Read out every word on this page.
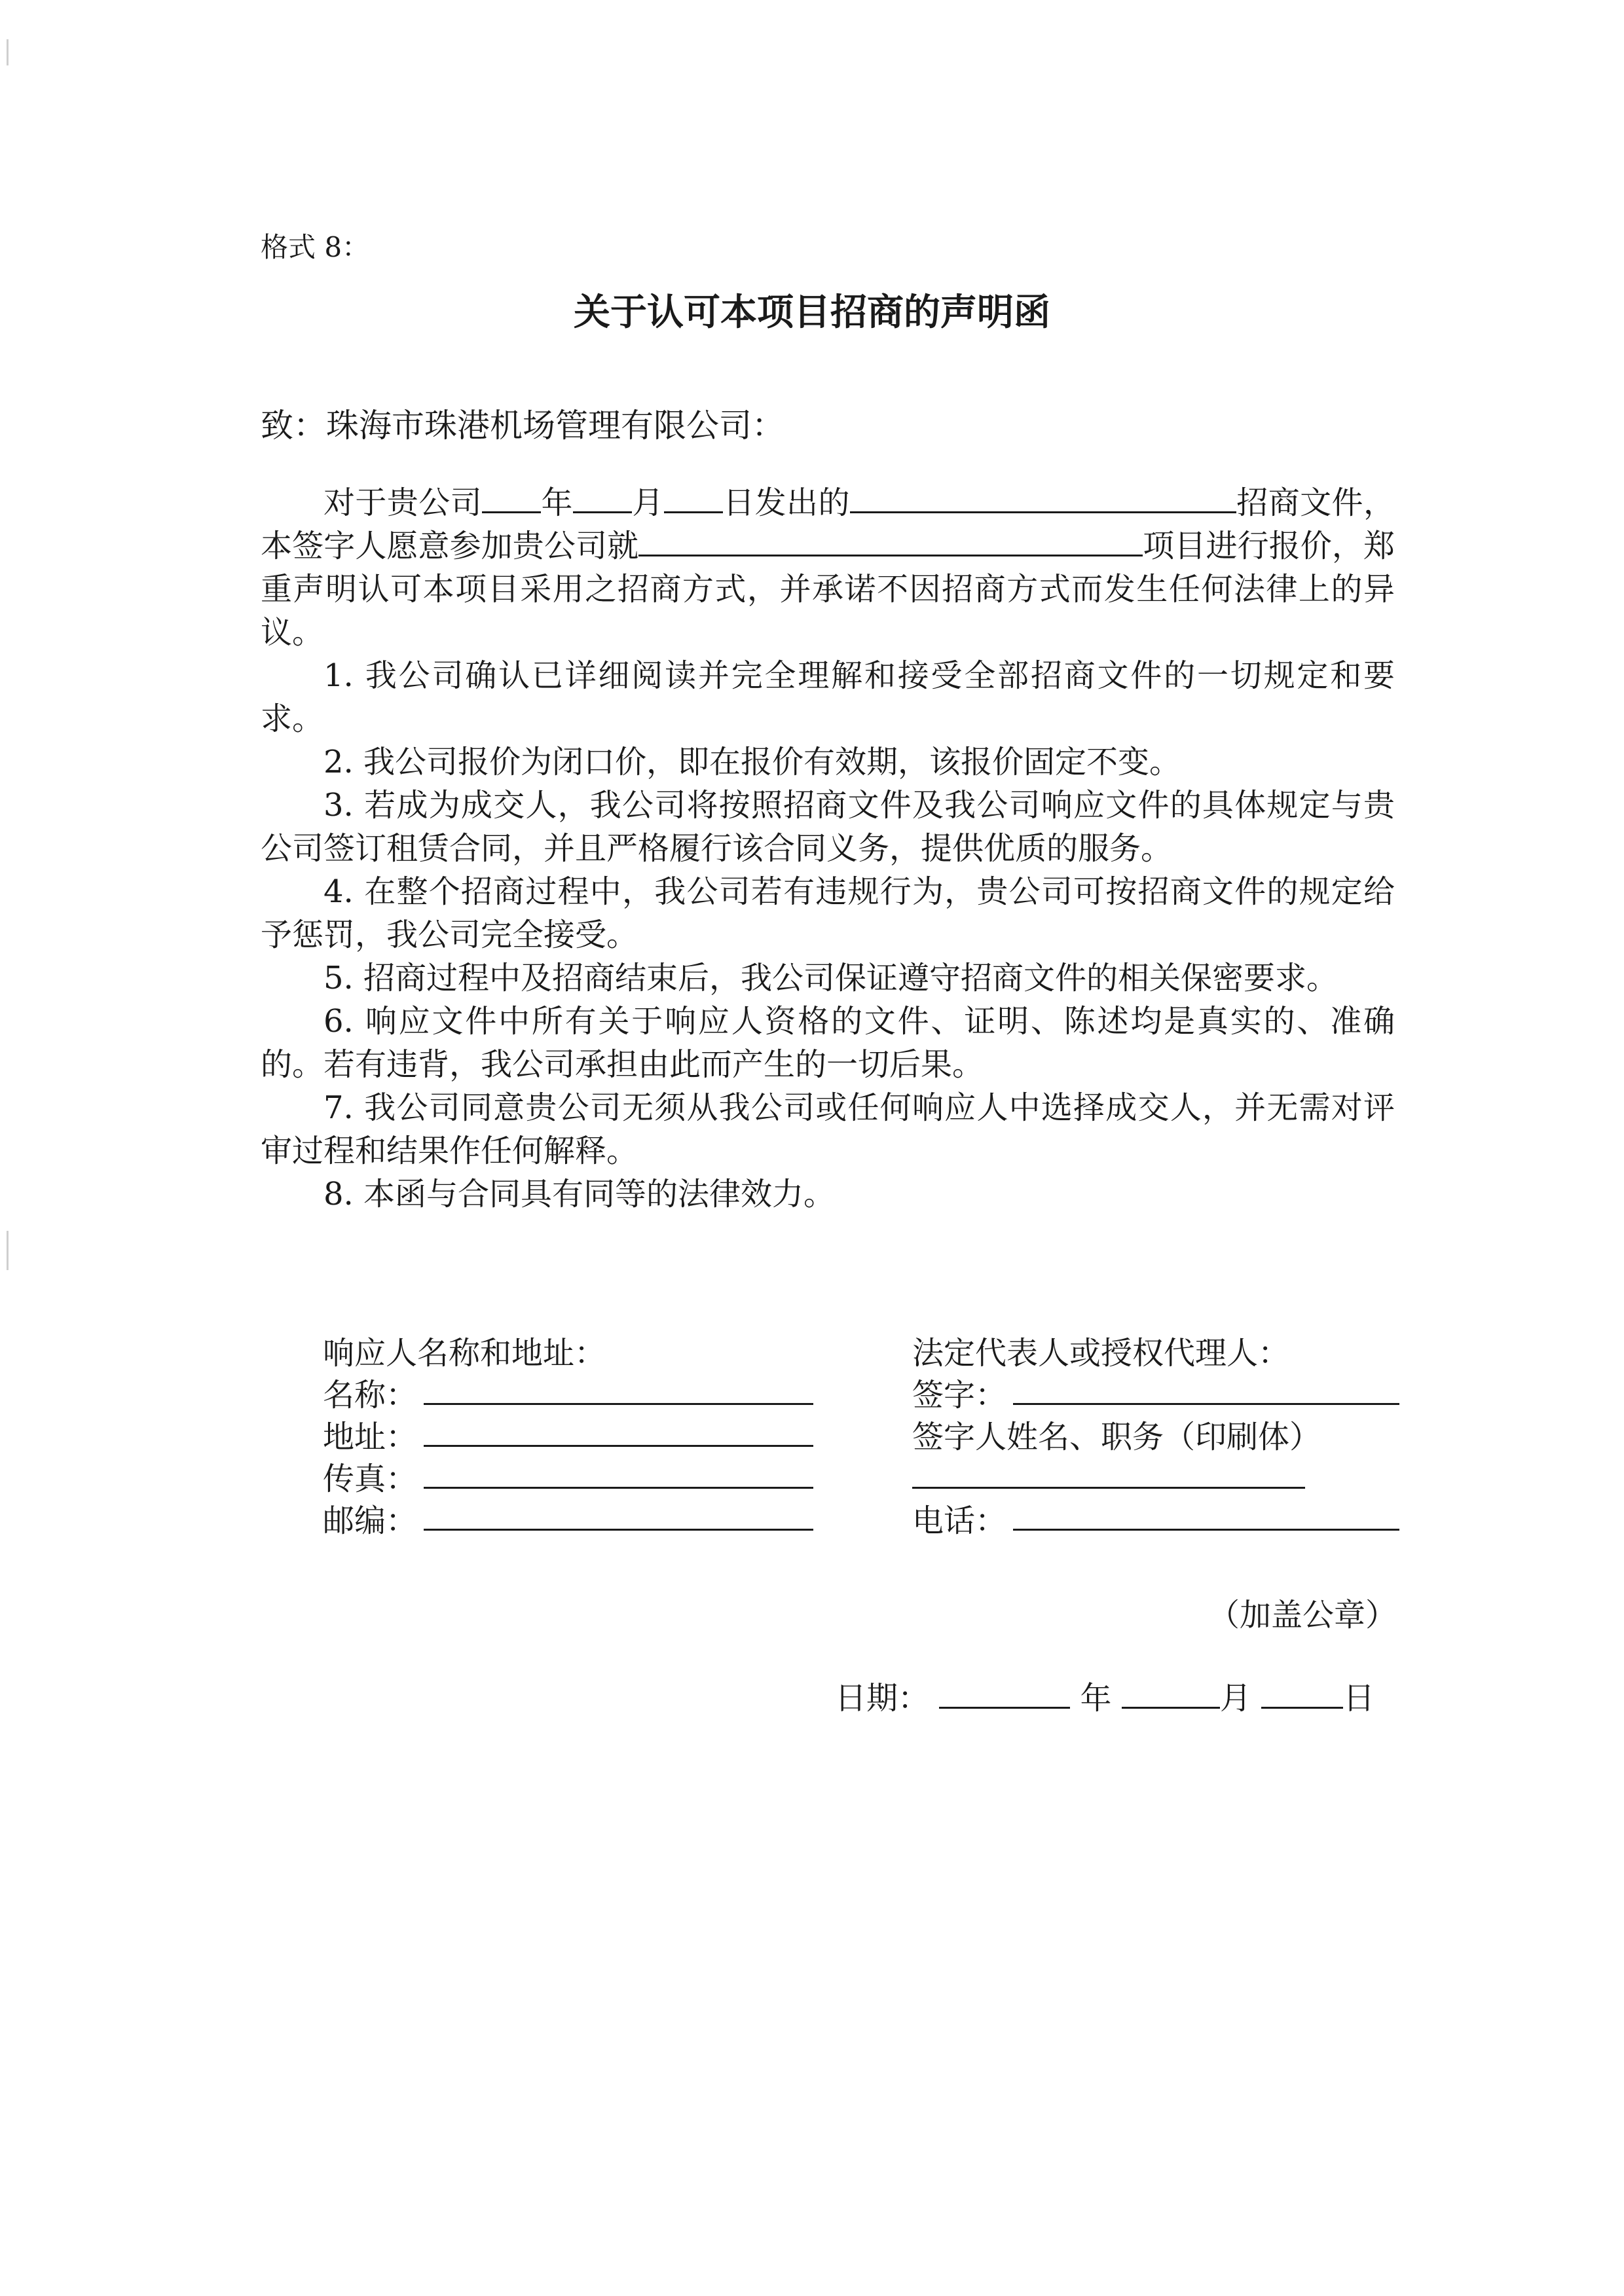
格式 8：
关于认可本项目招商的声明函
致：珠海市珠港机场管理有限公司：

对于贵公司 年 月 日发出的	招商文件，本签字人愿意参加贵公司就	项目进行报价，郑重声明认可本项目采用之招商方式，并承诺不因招商方式而发生任何法律上的异议。

1. 我公司确认已详细阅读并完全理解和接受全部招商文件的一切规定和要求。

2. 我公司报价为闭口价，即在报价有效期，该报价固定不变。

3. 若成为成交人，我公司将按照招商文件及我公司响应文件的具体规定与贵公司签订租赁合同，并且严格履行该合同义务，提供优质的服务。

4. 在整个招商过程中，我公司若有违规行为，贵公司可按招商文件的规定给予惩罚，我公司完全接受。

5. 招商过程中及招商结束后，我公司保证遵守招商文件的相关保密要求。

6. 响应文件中所有关于响应人资格的文件、证明、陈述均是真实的、准确的。若有违背，我公司承担由此而产生的一切后果。

7. 我公司同意贵公司无须从我公司或任何响应人中选择成交人，并无需对评审过程和结果作任何解释。

8. 本函与合同具有同等的法律效力。

响应人名称和地址：
名称：
地址：
传真：
邮编：
法定代表人或授权代理人：
签字：
签字人姓名、职务（印刷体）
电话：
（加盖公章）
日期：	年	月	日
